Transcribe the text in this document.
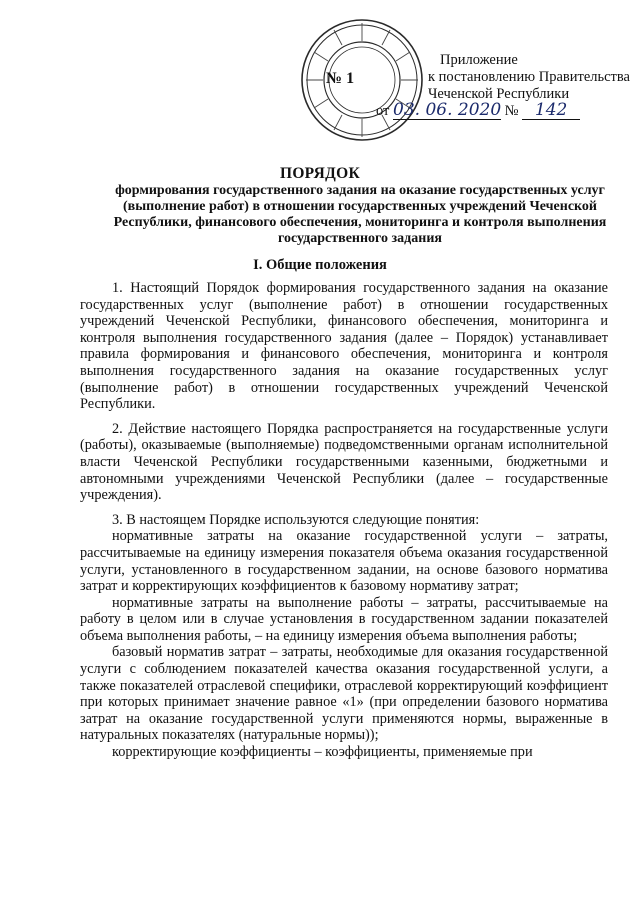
№ 1
Приложение
к постановлению Правительства
Чеченской Республики
от 03. 06. 2020 № 142
ПОРЯДОК
формирования государственного задания на оказание государственных услуг (выполнение работ) в отношении государственных учреждений Чеченской Республики, финансового обеспечения, мониторинга и контроля выполнения государственного задания
I. Общие положения

1. Настоящий Порядок формирования государственного задания на оказание государственных услуг (выполнение работ) в отношении государственных учреждений Чеченской Республики, финансового обеспечения, мониторинга и контроля выполнения государственного задания (далее – Порядок) устанавливает правила формирования и финансового обеспечения, мониторинга и контроля выполнения государственного задания на оказание государственных услуг (выполнение работ) в отношении государственных учреждений Чеченской Республики.

2. Действие настоящего Порядка распространяется на государственные услуги (работы), оказываемые (выполняемые) подведомственными органам исполнительной власти Чеченской Республики государственными казенными, бюджетными и автономными учреждениями Чеченской Республики (далее – государственные учреждения).

3. В настоящем Порядке используются следующие понятия:

нормативные затраты на оказание государственной услуги – затраты, рассчитываемые на единицу измерения показателя объема оказания государственной услуги, установленного в государственном задании, на основе базового норматива затрат и корректирующих коэффициентов к базовому нормативу затрат;

нормативные затраты на выполнение работы – затраты, рассчитываемые на работу в целом или в случае установления в государственном задании показателей объема выполнения работы, – на единицу измерения объема выполнения работы;

базовый норматив затрат – затраты, необходимые для оказания государственной услуги с соблюдением показателей качества оказания государственной услуги, а также показателей отраслевой специфики, отраслевой корректирующий коэффициент при которых принимает значение равное «1» (при определении базового норматива затрат на оказание государственной услуги применяются нормы, выраженные в натуральных показателях (натуральные нормы));

корректирующие коэффициенты – коэффициенты, применяемые при
